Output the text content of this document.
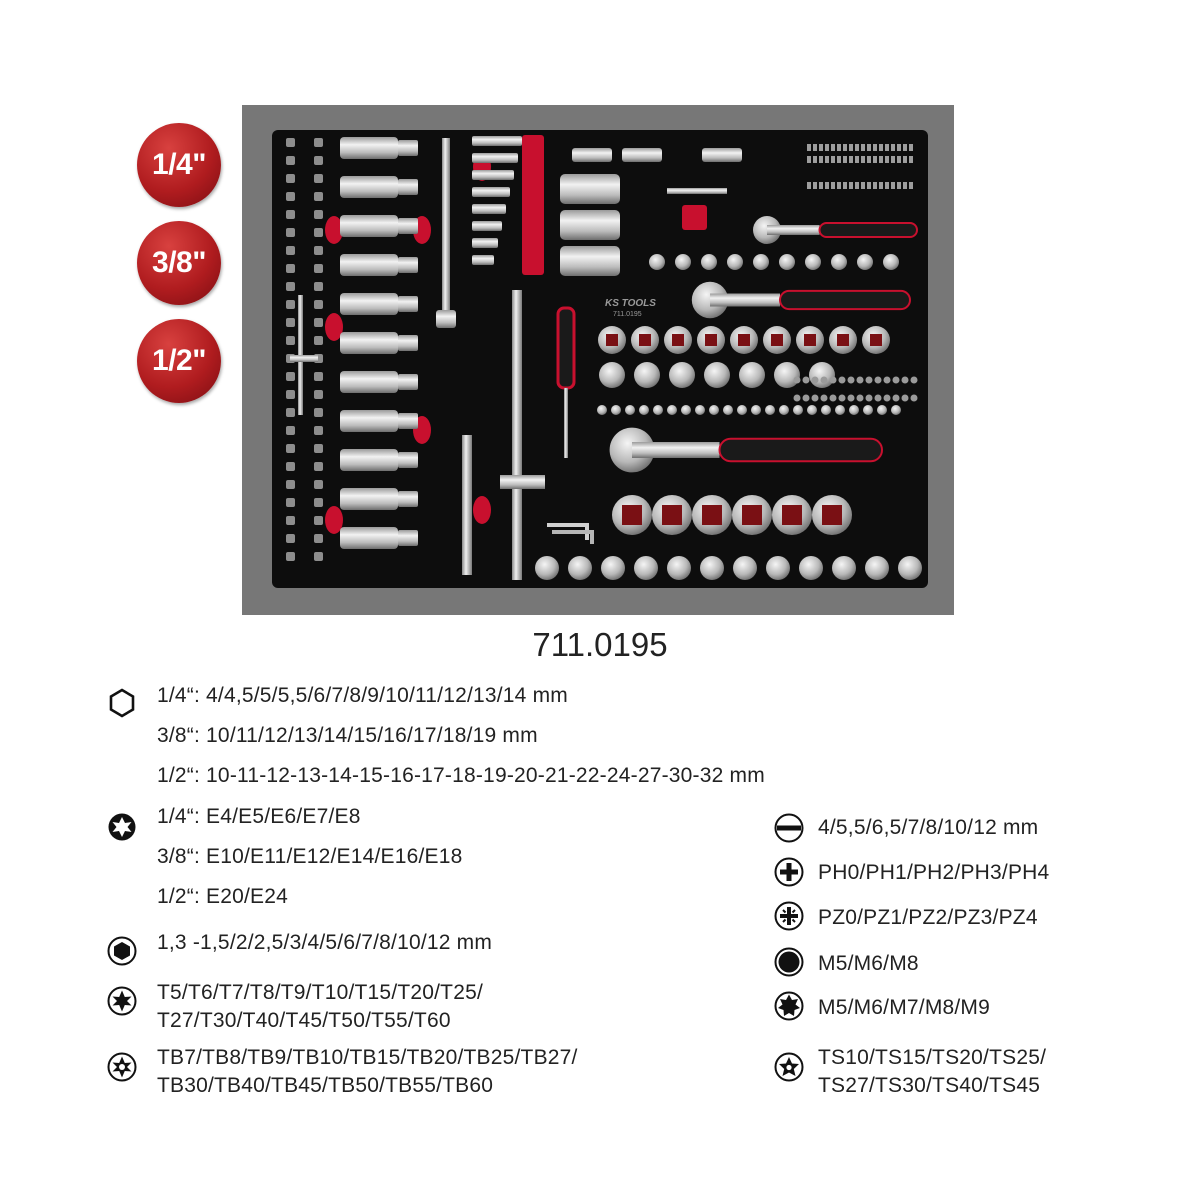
1/4"
3/8"
1/2"
KS TOOLS
711.0195
711.0195
1/4“: 4/4,5/5/5,5/6/7/8/9/10/11/12/13/14 mm
3/8“: 10/11/12/13/14/15/16/17/18/19 mm
1/2“: 10-11-12-13-14-15-16-17-18-19-20-21-22-24-27-30-32 mm
1/4“: E4/E5/E6/E7/E8
3/8“: E10/E11/E12/E14/E16/E18
1/2“: E20/E24
1,3 -1,5/2/2,5/3/4/5/6/7/8/10/12 mm
T5/T6/T7/T8/T9/T10/T15/T20/T25/
T27/T30/T40/T45/T50/T55/T60
TB7/TB8/TB9/TB10/TB15/TB20/TB25/TB27/
TB30/TB40/TB45/TB50/TB55/TB60
4/5,5/6,5/7/8/10/12 mm
PH0/PH1/PH2/PH3/PH4
PZ0/PZ1/PZ2/PZ3/PZ4
M5/M6/M8
M5/M6/M7/M8/M9
TS10/TS15/TS20/TS25/
TS27/TS30/TS40/TS45
